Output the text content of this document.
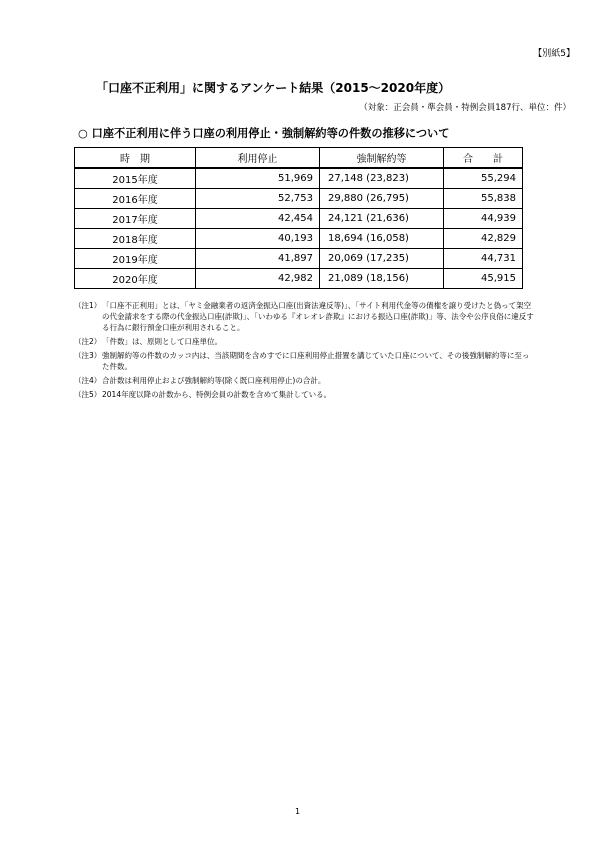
【別紙5】
「口座不正利用」に関するアンケート結果（2015～2020年度）
（対象：正会員・準会員・特例会員187行、単位：件）
○ 口座不正利用に伴う口座の利用停止・強制解約等の件数の推移について
時　期	利用停止	強制解約等	合　　計
2015年度	51,969	27,148 (23,823)	55,294
2016年度	52,753	29,880 (26,795)	55,838
2017年度	42,454	24,121 (21,636)	44,939
2018年度	40,193	18,694 (16,058)	42,829
2019年度	41,897	20,069 (17,235)	44,731
2020年度	42,982	21,089 (18,156)	45,915
（注1） 「口座不正利用」とは、「ヤミ金融業者の返済金振込口座(出資法違反等)」、「サイト利用代金等の債権を譲り受けたと偽って架空の代金請求をする際の代金振込口座(詐欺)」、「いわゆる『オレオレ詐欺』における振込口座(詐欺)」等、法令や公序良俗に違反する行為に銀行預金口座が利用されること。
（注2） 「件数」は、原則として口座単位。
（注3） 強制解約等の件数のカッコ内は、当該期間を含めすでに口座利用停止措置を講じていた口座について、その後強制解約等に至った件数。
（注4） 合計数は利用停止および強制解約等(除く既口座利用停止)の合計。
（注5） 2014年度以降の計数から、特例会員の計数を含めて集計している。
1
